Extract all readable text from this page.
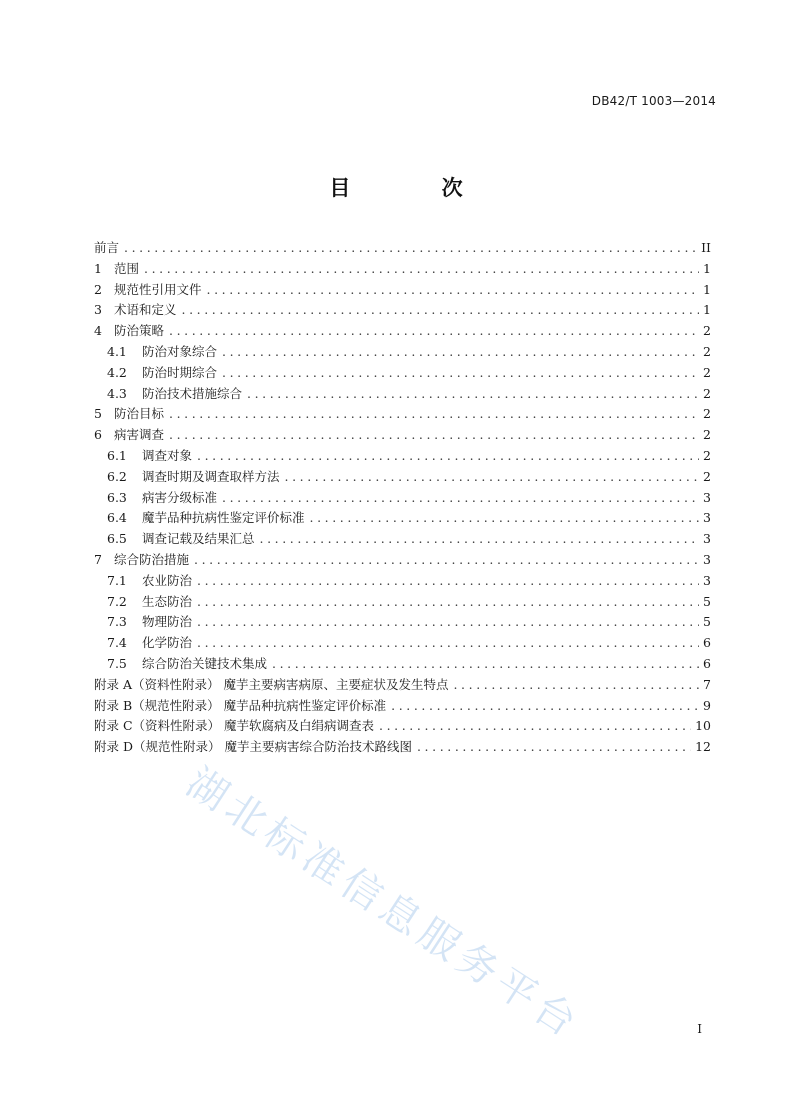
DB42/T 1003—2014
目 次
前言 .....	II
1 范围 .....	1
2 规范性引用文件 .....	1
3 术语和定义 .....	1
4 防治策略 .....	2
4.1	防治对象综合 .....	2
4.2	防治时期综合 .....	2
4.3	防治技术措施综合 .....	2
5 防治目标 .....	2
6 病害调查 .....	2
6.1	调查对象 .....	2
6.2	调查时期及调查取样方法 .....	2
6.3	病害分级标准 .....	3
6.4	魔芋品种抗病性鉴定评价标准 .....	3
6.5	调查记载及结果汇总 .....	3
7 综合防治措施 .....	3
7.1	农业防治 .....	3
7.2	生态防治 .....	5
7.3	物理防治 .....	5
7.4	化学防治 .....	6
7.5	综合防治关键技术集成 .....	6
附录 A（资料性附录） 魔芋主要病害病原、主要症状及发生特点 .....	7
附录 B（规范性附录） 魔芋品种抗病性鉴定评价标准 .....	9
附录 C（资料性附录） 魔芋软腐病及白绢病调查表 .....	10
附录 D（规范性附录） 魔芋主要病害综合防治技术路线图 .....	12
湖北标准信息服务平台	I
